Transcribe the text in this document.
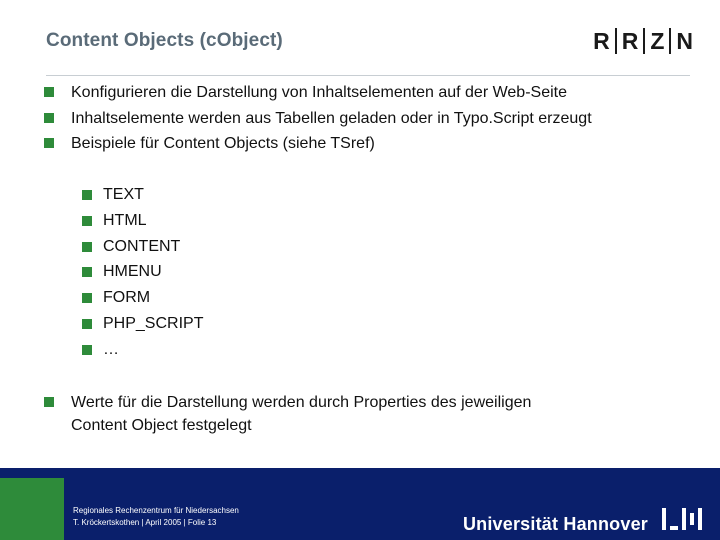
Content Objects (cObject)	R R Z N
Konfigurieren die Darstellung von Inhaltselementen auf der Web-Seite
Inhaltselemente werden aus Tabellen geladen oder in Typo.Script erzeugt
Beispiele für Content Objects (siehe TSref)
TEXT
HTML
CONTENT
HMENU
FORM
PHP_SCRIPT
…
Werte für die Darstellung werden durch Properties des jeweiligen
Content Object festgelegt
Regionales Rechenzentrum für Niedersachsen
T. Kröckertskothen | April 2005 | Folie 13	Universität Hannover
